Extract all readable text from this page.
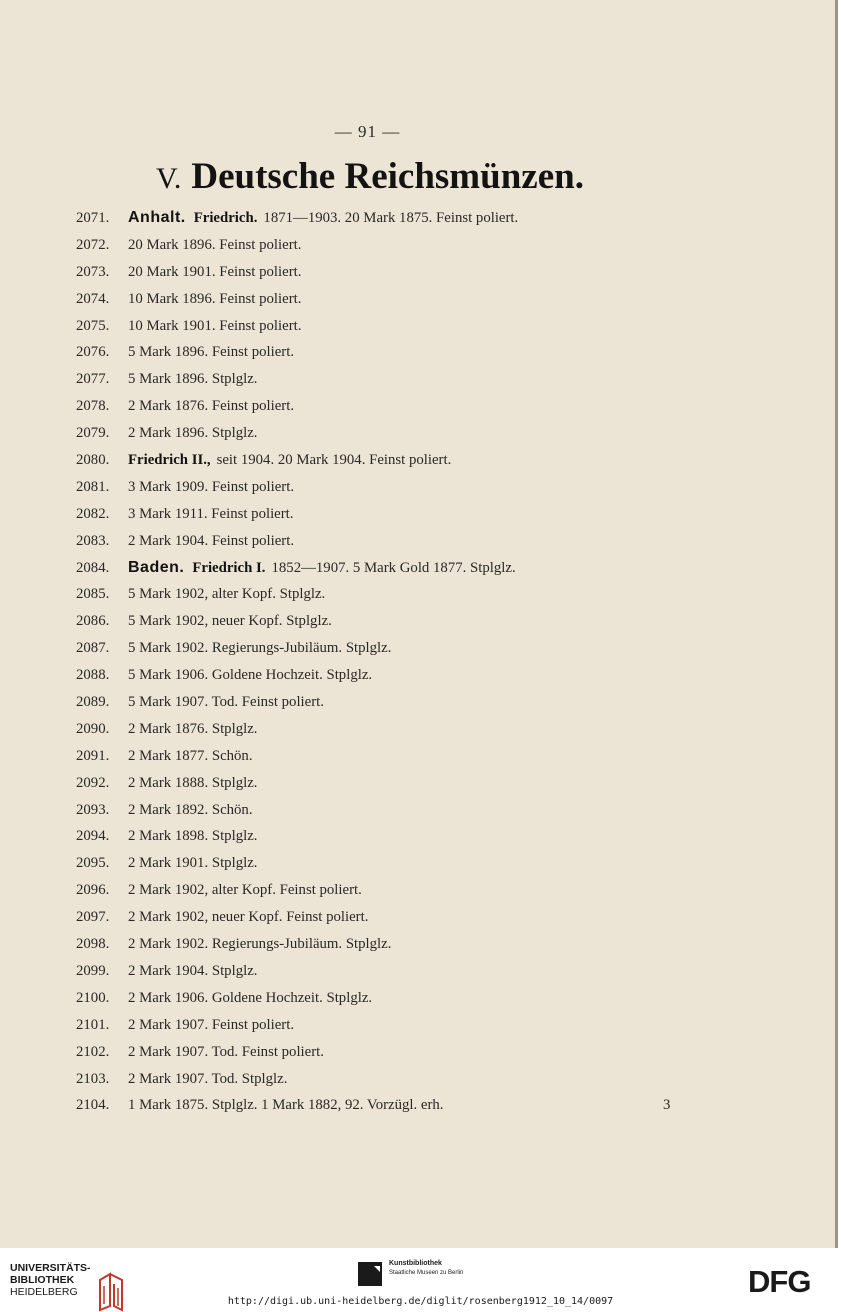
— 91 —
V. Deutsche Reichsmünzen.
2071. Anhalt. Friedrich. 1871—1903. 20 Mark 1875. Feinst poliert.
2072. 20 Mark 1896. Feinst poliert.
2073. 20 Mark 1901. Feinst poliert.
2074. 10 Mark 1896. Feinst poliert.
2075. 10 Mark 1901. Feinst poliert.
2076. 5 Mark 1896. Feinst poliert.
2077. 5 Mark 1896. Stplglz.
2078. 2 Mark 1876. Feinst poliert.
2079. 2 Mark 1896. Stplglz.
2080. Friedrich II., seit 1904. 20 Mark 1904. Feinst poliert.
2081. 3 Mark 1909. Feinst poliert.
2082. 3 Mark 1911. Feinst poliert.
2083. 2 Mark 1904. Feinst poliert.
2084. Baden. Friedrich I. 1852—1907. 5 Mark Gold 1877. Stplglz.
2085. 5 Mark 1902, alter Kopf. Stplglz.
2086. 5 Mark 1902, neuer Kopf. Stplglz.
2087. 5 Mark 1902. Regierungs-Jubiläum. Stplglz.
2088. 5 Mark 1906. Goldene Hochzeit. Stplglz.
2089. 5 Mark 1907. Tod. Feinst poliert.
2090. 2 Mark 1876. Stplglz.
2091. 2 Mark 1877. Schön.
2092. 2 Mark 1888. Stplglz.
2093. 2 Mark 1892. Schön.
2094. 2 Mark 1898. Stplglz.
2095. 2 Mark 1901. Stplglz.
2096. 2 Mark 1902, alter Kopf. Feinst poliert.
2097. 2 Mark 1902, neuer Kopf. Feinst poliert.
2098. 2 Mark 1902. Regierungs-Jubiläum. Stplglz.
2099. 2 Mark 1904. Stplglz.
2100. 2 Mark 1906. Goldene Hochzeit. Stplglz.
2101. 2 Mark 1907. Feinst poliert.
2102. 2 Mark 1907. Tod. Feinst poliert.
2103. 2 Mark 1907. Tod. Stplglz.
2104. 1 Mark 1875. Stplglz. 1 Mark 1882, 92. Vorzügl. erh.	3
UNIVERSITÄTS-
BIBLIOTHEK
HEIDELBERG
Kunstbibliothek
Staatliche Museen zu Berlin	DFG
http://digi.ub.uni-heidelberg.de/diglit/rosenberg1912_10_14/0097
